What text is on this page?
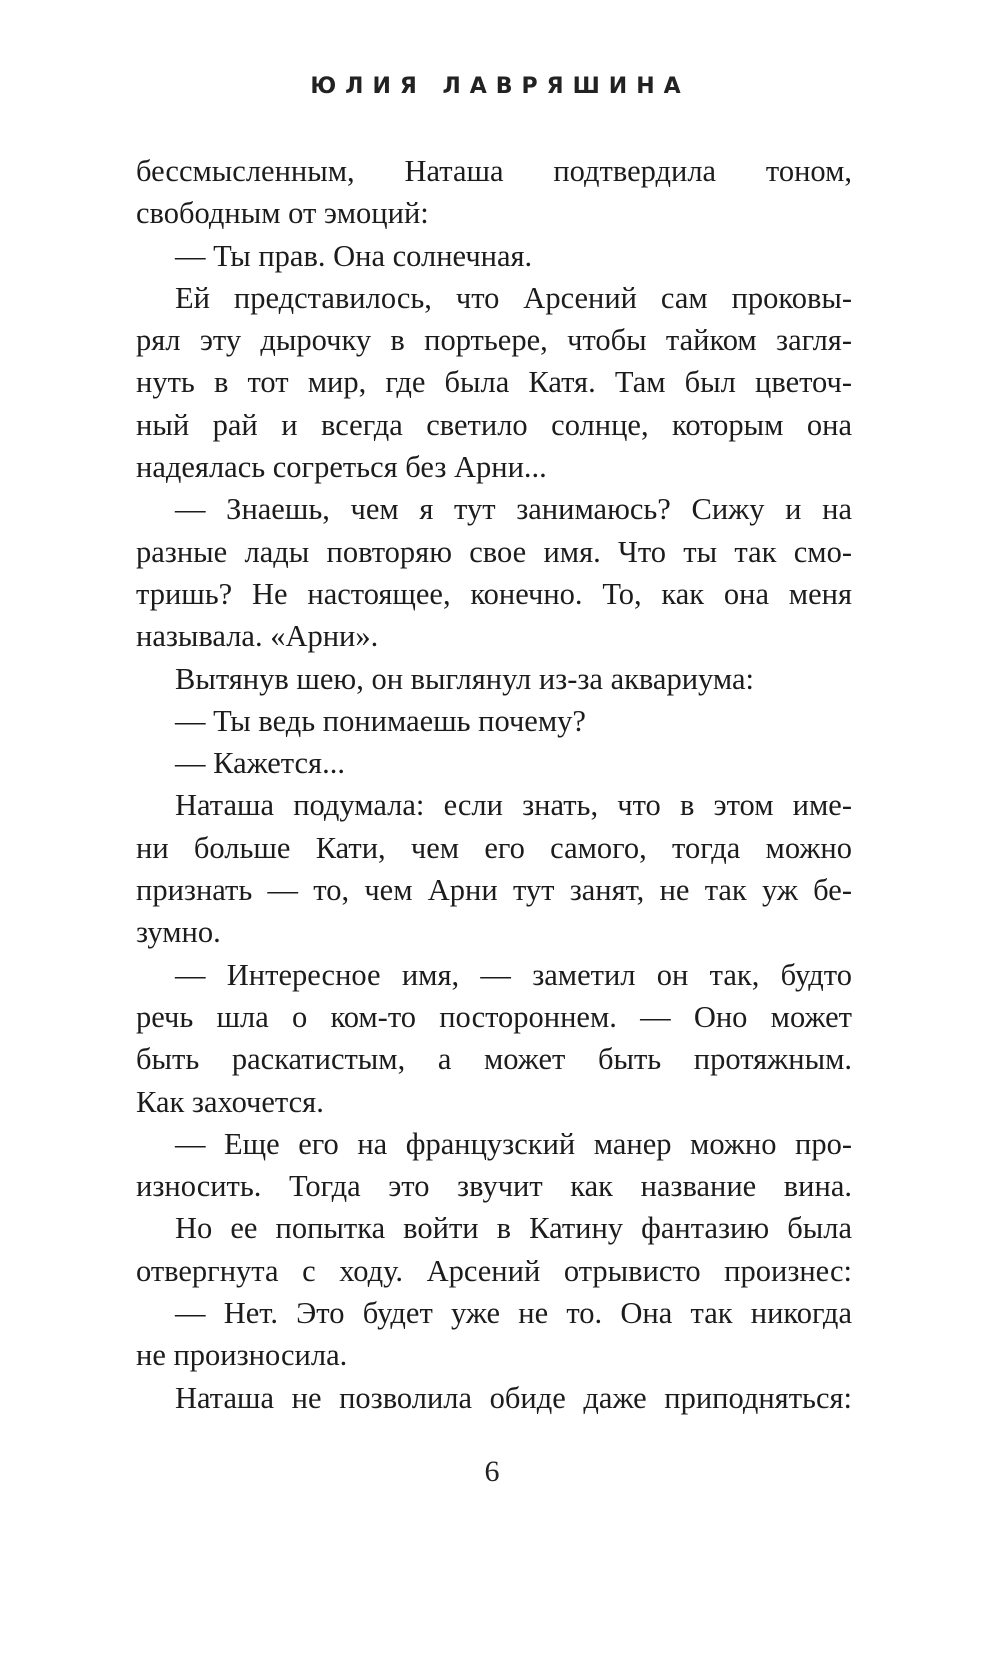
ЮЛИЯ ЛАВРЯШИНА
бессмысленным, Наташа подтвердила тоном,
свободным от эмоций:
— Ты прав. Она солнечная.
Ей представилось, что Арсений сам проковы-
рял эту дырочку в портьере, чтобы тайком загля-
нуть в тот мир, где была Катя. Там был цветоч-
ный рай и всегда светило солнце, которым она
надеялась согреться без Арни...
— Знаешь, чем я тут занимаюсь? Сижу и на
разные лады повторяю свое имя. Что ты так смо-
тришь? Не настоящее, конечно. То, как она меня
называла. «Арни».
Вытянув шею, он выглянул из-за аквариума:
— Ты ведь понимаешь почему?
— Кажется...
Наташа подумала: если знать, что в этом име-
ни больше Кати, чем его самого, тогда можно
признать — то, чем Арни тут занят, не так уж бе-
зумно.
— Интересное имя, — заметил он так, будто
речь шла о ком-то постороннем. — Оно может
быть раскатистым, а может быть протяжным.
Как захочется.
— Еще его на французский манер можно про-
износить. Тогда это звучит как название вина.
Но ее попытка войти в Катину фантазию была
отвергнута с ходу. Арсений отрывисто произнес:
— Нет. Это будет уже не то. Она так никогда
не произносила.
Наташа не позволила обиде даже приподняться:
6
